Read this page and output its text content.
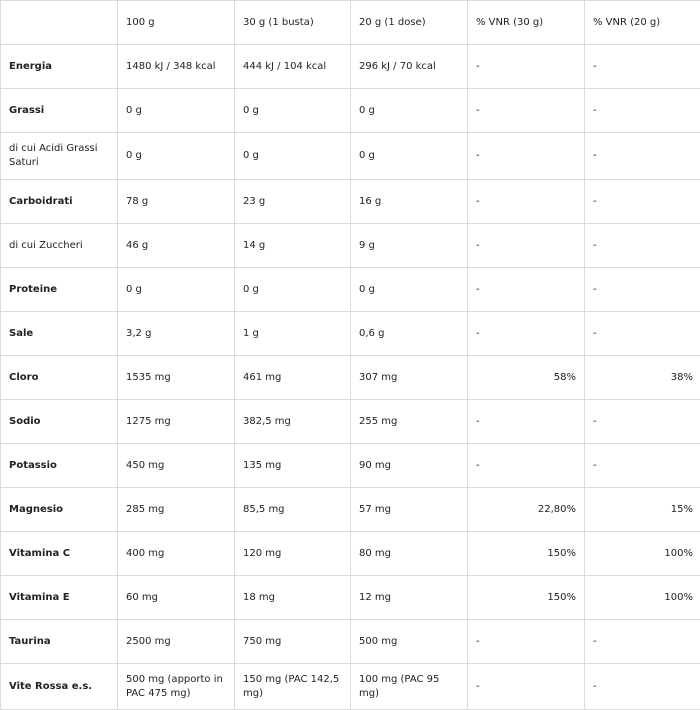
	100 g	30 g (1 busta)	20 g (1 dose)	% VNR (30 g)	% VNR (20 g)
Energia	1480 kJ / 348 kcal	444 kJ / 104 kcal	296 kJ / 70 kcal	-	-
Grassi	0 g	0 g	0 g	-	-
di cui Acidi Grassi Saturi	0 g	0 g	0 g	-	-
Carboidrati	78 g	23 g	16 g	-	-
di cui Zuccheri	46 g	14 g	9 g	-	-
Proteine	0 g	0 g	0 g	-	-
Sale	3,2 g	1 g	0,6 g	-	-
Cloro	1535 mg	461 mg	307 mg	58%	38%
Sodio	1275 mg	382,5 mg	255 mg	-	-
Potassio	450 mg	135 mg	90 mg	-	-
Magnesio	285 mg	85,5 mg	57 mg	22,80%	15%
Vitamina C	400 mg	120 mg	80 mg	150%	100%
Vitamina E	60 mg	18 mg	12 mg	150%	100%
Taurina	2500 mg	750 mg	500 mg	-	-
Vite Rossa e.s.	500 mg (apporto in PAC 475 mg)	150 mg (PAC 142,5 mg)	100 mg (PAC 95 mg)	-	-
